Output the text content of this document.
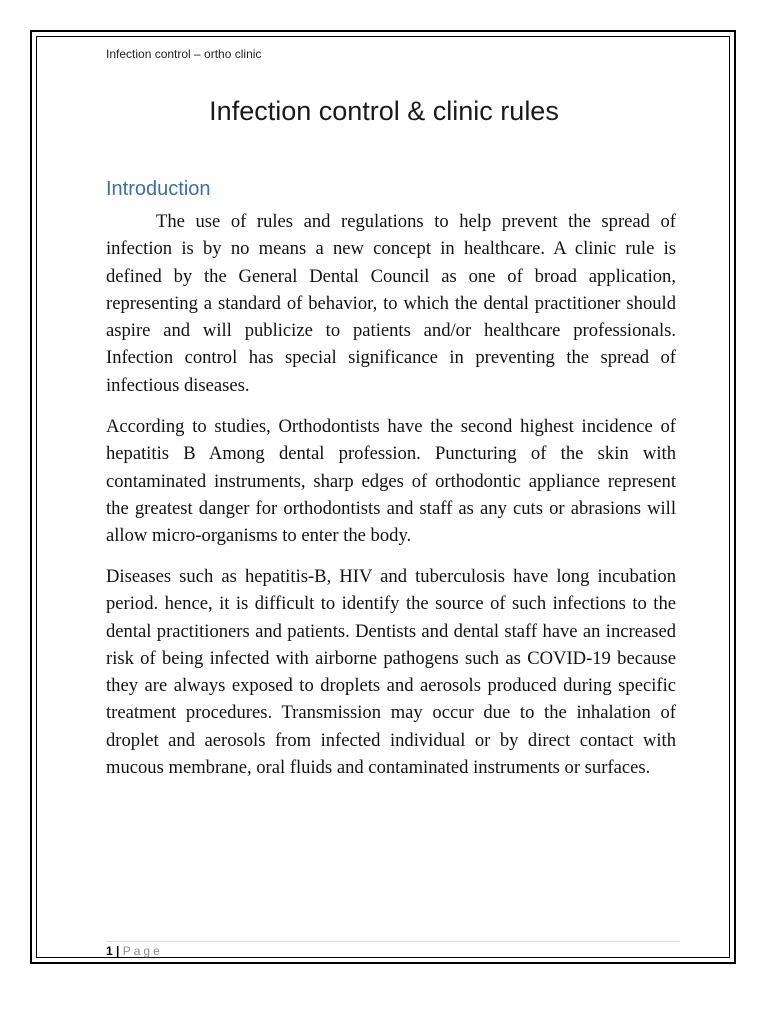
Infection control – ortho clinic
Infection control & clinic rules
Introduction

The use of rules and regulations to help prevent the spread of infection is by no means a new concept in healthcare. A clinic rule is defined by the General Dental Council as one of broad application, representing a standard of behavior, to which the dental practitioner should aspire and will publicize to patients and/or healthcare professionals. Infection control has special significance in preventing the spread of infectious diseases.

According to studies, Orthodontists have the second highest incidence of hepatitis B Among dental profession. Puncturing of the skin with contaminated instruments, sharp edges of orthodontic appliance represent the greatest danger for orthodontists and staff as any cuts or abrasions will allow micro-organisms to enter the body.

Diseases such as hepatitis-B, HIV and tuberculosis have long incubation period. hence, it is difficult to identify the source of such infections to the dental practitioners and patients. Dentists and dental staff have an increased risk of being infected with airborne pathogens such as COVID-19 because they are always exposed to droplets and aerosols produced during specific treatment procedures. Transmission may occur due to the inhalation of droplet and aerosols from infected individual or by direct contact with mucous membrane, oral fluids and contaminated instruments or surfaces.

1 | Page
